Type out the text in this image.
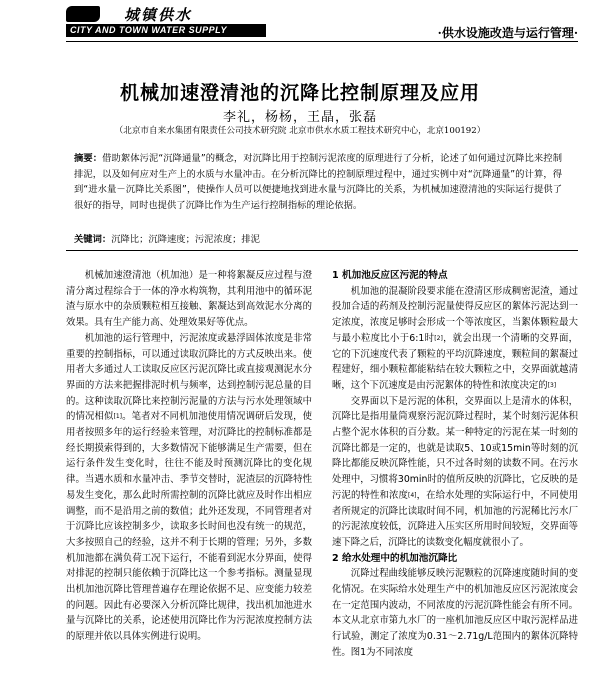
城镇供水
CITY AND TOWN WATER SUPPLY	·供水设施改造与运行管理·
机械加速澄清池的沉降比控制原理及应用
李礼，杨杨，王晶，张磊
（北京市自来水集团有限责任公司技术研究院 北京市供水水质工程技术研究中心，北京100192）
摘要：借助絮体污泥“沉降通量”的概念，对沉降比用于控制污泥浓度的原理进行了分析，论述了如何通过沉降比来控制排泥，以及如何应对生产上的水质与水量冲击。在分析沉降比的控制原理过程中，通过实例中对“沉降通量”的计算，得到“进水量－沉降比关系图”，使操作人员可以便捷地找到进水量与沉降比的关系，为机械加速澄清池的实际运行提供了很好的指导，同时也提供了沉降比作为生产运行控制指标的理论依据。
关键词：沉降比；沉降速度；污泥浓度；排泥

机械加速澄清池（机加池）是一种将絮凝反应过程与澄清分离过程综合于一体的净水构筑物，其利用池中的循环泥渣与原水中的杂质颗粒相互接触、絮凝达到高效泥水分离的效果。具有生产能力高、处理效果好等优点。

机加池的运行管理中，污泥浓度或悬浮固体浓度是非常重要的控制指标，可以通过读取沉降比的方式反映出来。使用者大多通过人工读取反应区污泥沉降比或直接观测泥水分界面的方法来把握排泥时机与频率，达到控制污泥总量的目的。这种读取沉降比来控制污泥量的方法与污水处理领域中的情况相似[1]。笔者对不同机加池使用情况调研后发现，使用者按照多年的运行经验来管理，对沉降比的控制标准都是经长期摸索得到的，大多数情况下能够满足生产需要，但在运行条件发生变化时，往往不能及时预测沉降比的变化规律。当遇水质和水量冲击、季节交替时，泥渣层的沉降特性易发生变化，那么此时所需控制的沉降比就应及时作出相应调整，而不是沿用之前的数值；此外还发现，不同管理者对于沉降比应该控制多少，读取多长时间也没有统一的规范，大多按照自己的经验，这并不利于长期的管理；另外，多数机加池都在满负荷工况下运行，不能看到泥水分界面，使得对排泥的控制只能依赖于沉降比这一个参考指标。测量显现出机加池沉降比管理普遍存在理论依据不足、应变能力较差的问题。因此有必要深入分析沉降比规律，找出机加池进水量与沉降比的关系，论述使用沉降比作为污泥浓度控制方法的原理并依以具体实例进行说明。

1 机加池反应区污泥的特点

机加池的混凝阶段要求能在澄清区形成稠密泥渣，通过投加合适的药剂及控制污泥量使得反应区的絮体污泥达到一定浓度，浓度足够时会形成一个等浓度区，当絮体颗粒最大与最小粒度比小于6:1时[2]，就会出现一个清晰的交界面，它的下沉速度代表了颗粒的平均沉降速度，颗粒间的絮凝过程建好，细小颗粒都能粘结在较大颗粒之中，交界面就越清晰，这个下沉速度是由污泥絮体的特性和浓度决定的[3]

交界面以下是污泥的体积，交界面以上是清水的体积，沉降比是指用量筒观察污泥沉降过程时，某个时刻污泥体积占整个泥水体积的百分数。某一种特定的污泥在某一时刻的沉降比都是一定的，也就是读取5、10或15min等时刻的沉降比都能反映沉降性能，只不过各时刻的读数不同。在污水处理中，习惯将30min时的值所反映的沉降比，它反映的是污泥的特性和浓度[4]，在给水处理的实际运行中，不同使用者所规定的沉降比读取时间不同，机加池的污泥稀比污水厂的污泥浓度较低，沉降进入压实区所用时间较短，交界面等速下降之后，沉降比的读数变化幅度就很小了。

2 给水处理中的机加池沉降比

沉降过程曲线能够反映污泥颗粒的沉降速度随时间的变化情况。在实际给水处理生产中的机加池反应区污泥浓度会在一定范围内波动，不同浓度的污泥沉降性能会有所不同。本文从北京市第九水厂的一座机加池反应区中取污泥样品进行试验，测定了浓度为0.31～2.71g/L范围内的絮体沉降特性。图1为不同浓度
